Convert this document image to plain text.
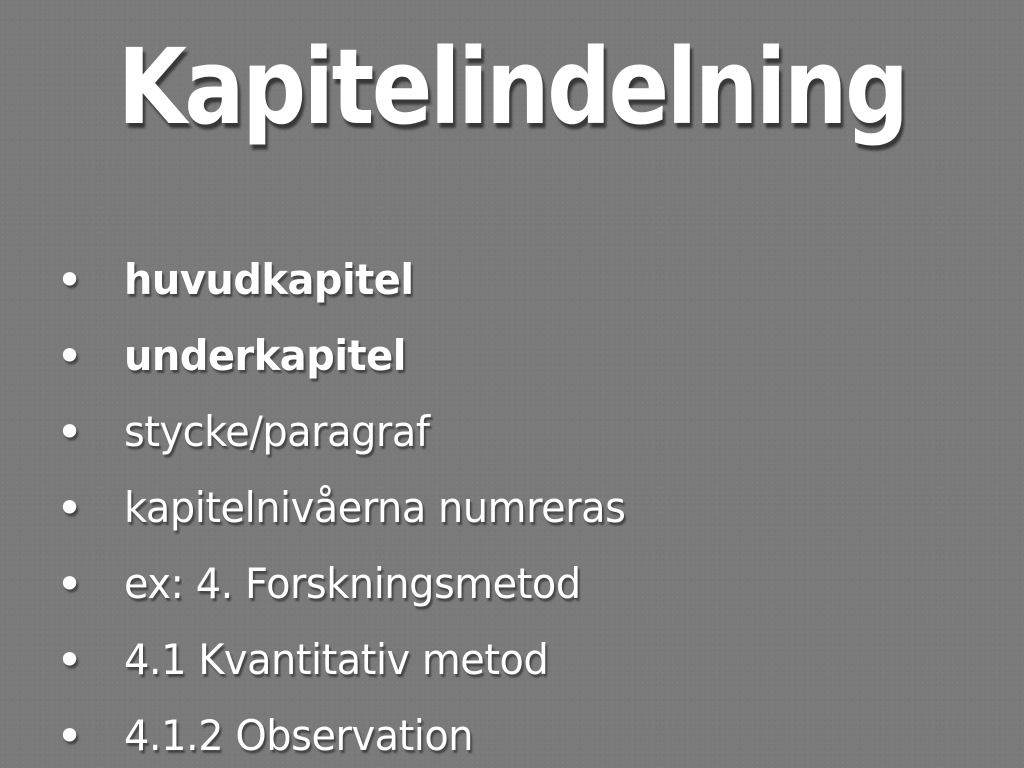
Kapitelindelning
• huvudkapitel
• underkapitel
• stycke/paragraf
• kapitelnivåerna numreras
• ex: 4. Forskningsmetod
• 4.1 Kvantitativ metod
• 4.1.2 Observation
